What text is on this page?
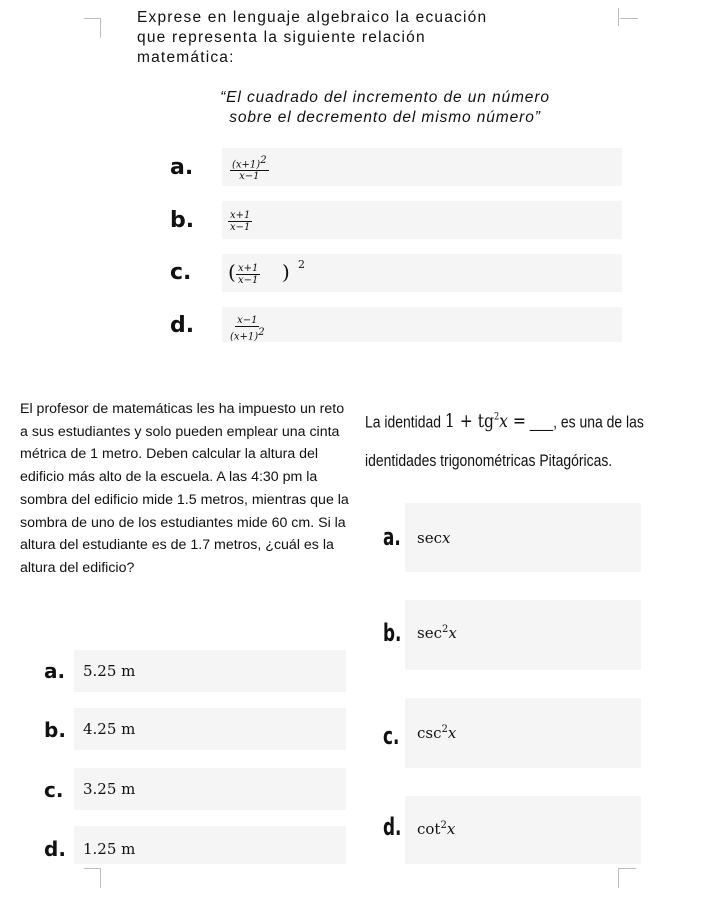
Exprese en lenguaje algebraico la ecuación
que representa la siguiente relación
matemática:
“El cuadrado del incremento de un número
sobre el decremento del mismo número”
a.	$\frac{(x+1)^2}{x-1}$
b.	$\frac{x+1}{x-1}$
c. ( $\frac{x+1}{x-1}$ ) 2
d.	$\frac{x-1}{(x+1)^2}$
El profesor de matemáticas les ha impuesto un reto a sus estudiantes y solo pueden emplear una cinta métrica de 1 metro. Deben calcular la altura del edificio más alto de la escuela. A las 4:30 pm la sombra del edificio mide 1.5 metros, mientras que la sombra de uno de los estudiantes mide 60 cm. Si la altura del estudiante es de 1.7 metros, ¿cuál es la altura del edificio?
a. 5.25 m
b. 4.25 m
c. 3.25 m
d. 1.25 m
La identidad $1 + tg^2x$ = ___, es una de las
identidades trigonométricas Pitagóricas.
a. secx
b. $\sec^2x$
c. $\csc^2x$
d. $\cot^2x$
